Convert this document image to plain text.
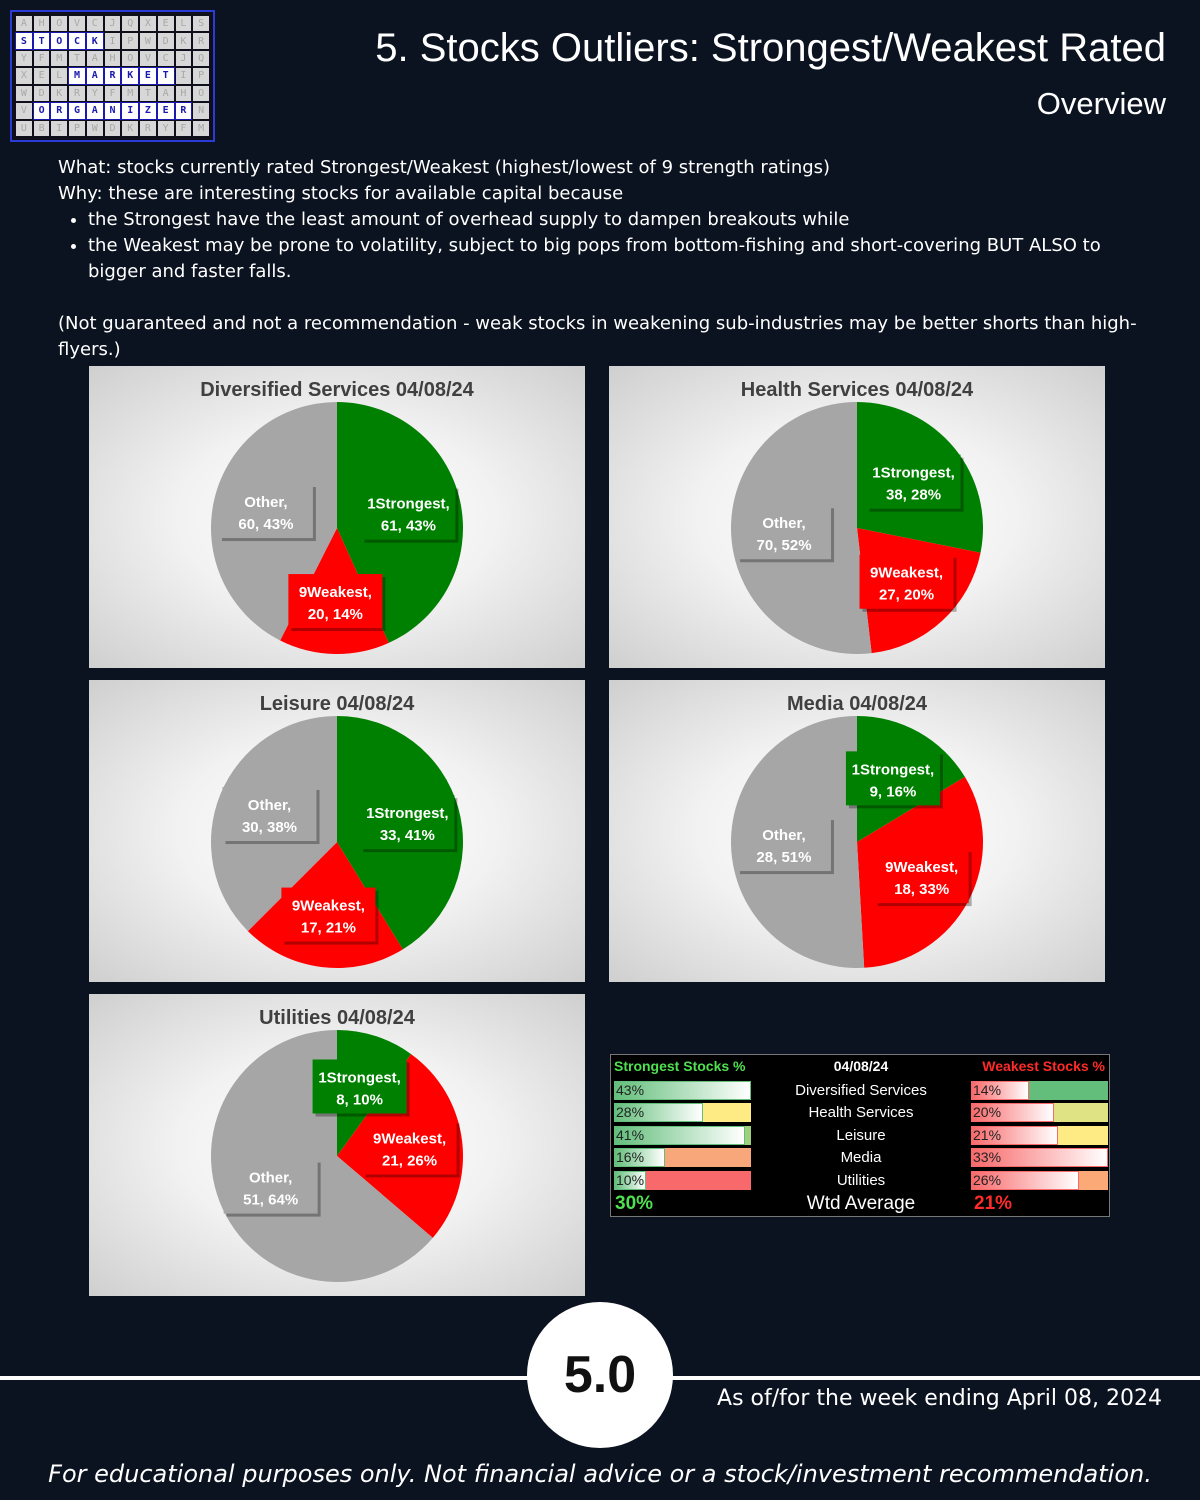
A	H	O	V	C	J	Q	X	E	L	S
S	T	O	C	K	I	P	W	D	K	R
Y	F	M	T	A	H	O	V	C	J	Q
X	E	L	M	A	R	K	E	T	I	P
W	D	K	R	Y	F	M	T	A	H	O
V	O	R	G	A	N	I	Z	E	R	N
U	B	I	P	W	D	K	R	Y	F	M
5. Stocks Outliers: Strongest/Weakest Rated
Overview
What: stocks currently rated Strongest/Weakest (highest/lowest of 9 strength ratings)
Why: these are interesting stocks for available capital because
• the Strongest have the least amount of overhead supply to dampen breakouts while
• the Weakest may be prone to volatility, subject to big pops from bottom-fishing and short-covering BUT ALSO to bigger and faster falls.
(Not guaranteed and not a recommendation - weak stocks in weakening sub-industries may be better shorts than high-flyers.)
1Strongest, 61, 43%
9Weakest, 20, 14%
Other, 60, 43%
Diversified Services 04/08/24
1Strongest, 38, 28%
9Weakest, 27, 20%
Other, 70, 52%
Health Services 04/08/24
1Strongest, 33, 41%
9Weakest, 17, 21%
Other, 30, 38%
Leisure 04/08/24
1Strongest, 9, 16%
9Weakest, 18, 33%
Other, 28, 51%
Media 04/08/24
1Strongest, 8, 10%
9Weakest, 21, 26%
Other, 51, 64%
Utilities 04/08/24
Strongest Stocks %	04/08/24	Weakest Stocks %
30%	Wtd Average	21%
43%	Diversified Services	14%
28%	Health Services	20%
41%	Leisure	21%
16%	Media	33%
10%	Utilities	26%
5.0	As of/for the week ending April 08, 2024
For educational purposes only. Not financial advice or a stock/investment recommendation.
